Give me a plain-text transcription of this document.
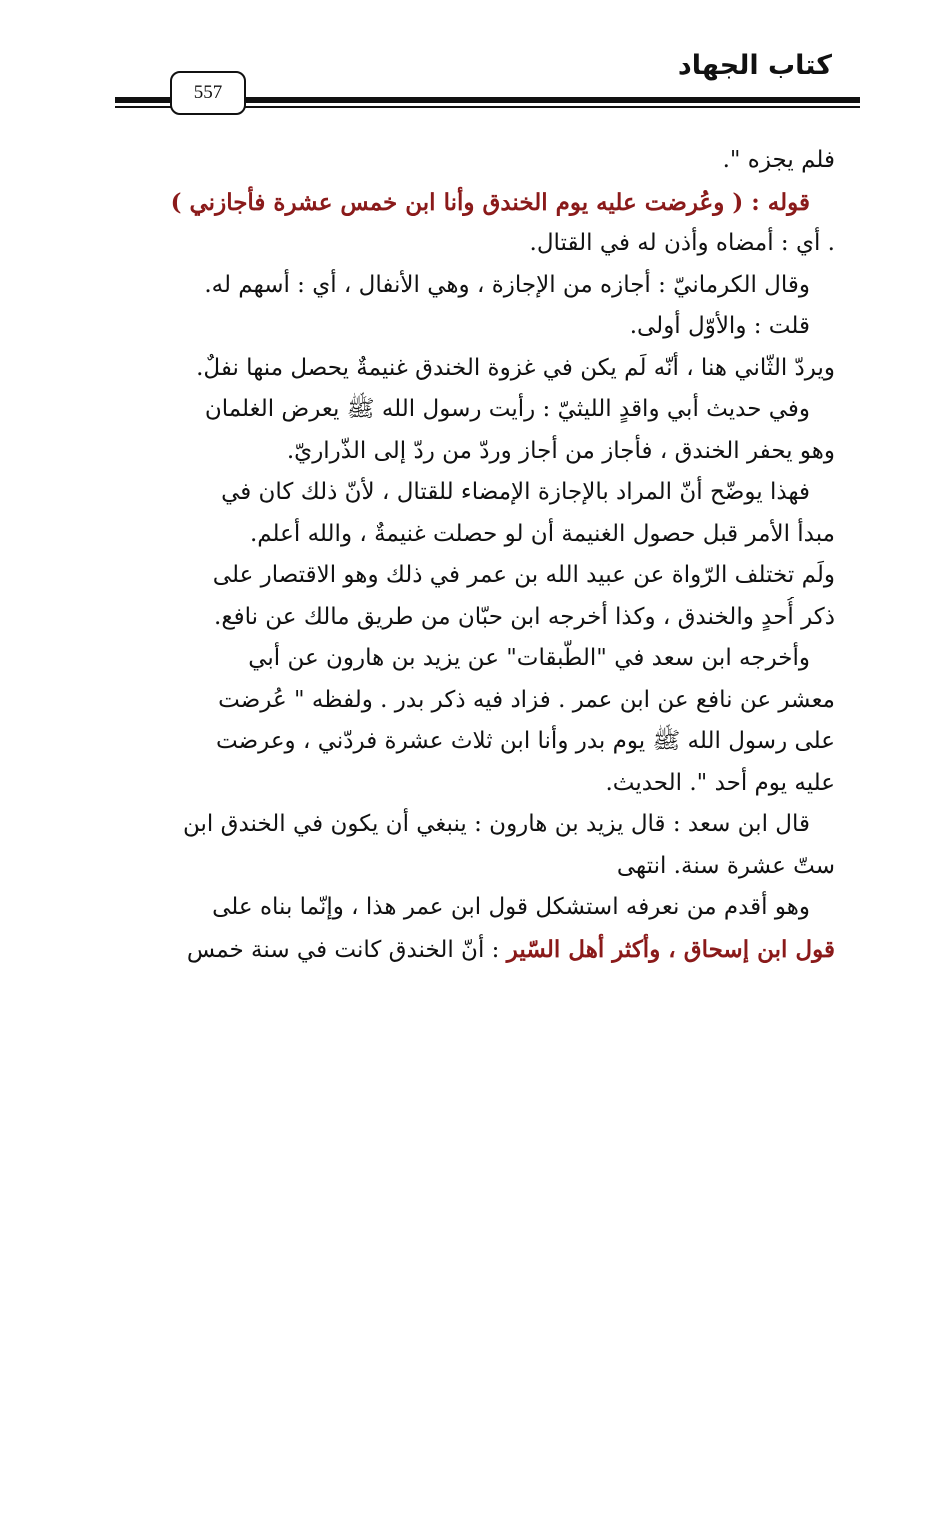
كتاب الجهاد
557
فلم يجزه ".
قوله : ( وعُرضت عليه يوم الخندق وأنا ابن خمس عشرة فأجازني )
. أي : أمضاه وأذن له في القتال.
وقال الكرمانيّ : أجازه من الإجازة ، وهي الأنفال ، أي : أسهم له.
قلت : والأوّل أولى.
ويردّ الثّاني هنا ، أنّه لَم يكن في غزوة الخندق غنيمةٌ يحصل منها نفلٌ.
وفي حديث أبي واقدٍ الليثيّ : رأيت رسول الله ﷺ يعرض الغلمان
وهو يحفر الخندق ، فأجاز من أجاز وردّ من ردّ إلى الذّراريّ.
فهذا يوضّح أنّ المراد بالإجازة الإمضاء للقتال ، لأنّ ذلك كان في
مبدأ الأمر قبل حصول الغنيمة أن لو حصلت غنيمةٌ ، والله أعلم.
ولَم تختلف الرّواة عن عبيد الله بن عمر في ذلك وهو الاقتصار على
ذكر أُحدٍ والخندق ، وكذا أخرجه ابن حبّان من طريق مالك عن نافع.
وأخرجه ابن سعد في "الطّبقات" عن يزيد بن هارون عن أبي
معشر عن نافع عن ابن عمر . فزاد فيه ذكر بدر . ولفظه " عُرضت
على رسول الله ﷺ يوم بدر وأنا ابن ثلاث عشرة فردّني ، وعرضت
عليه يوم أحد ". الحديث.
قال ابن سعد : قال يزيد بن هارون : ينبغي أن يكون في الخندق ابن
ستّ عشرة سنة. انتهى
وهو أقدم من نعرفه استشكل قول ابن عمر هذا ، وإنّما بناه على
قول ابن إسحاق ، وأكثر أهل السّير : أنّ الخندق كانت في سنة خمس
